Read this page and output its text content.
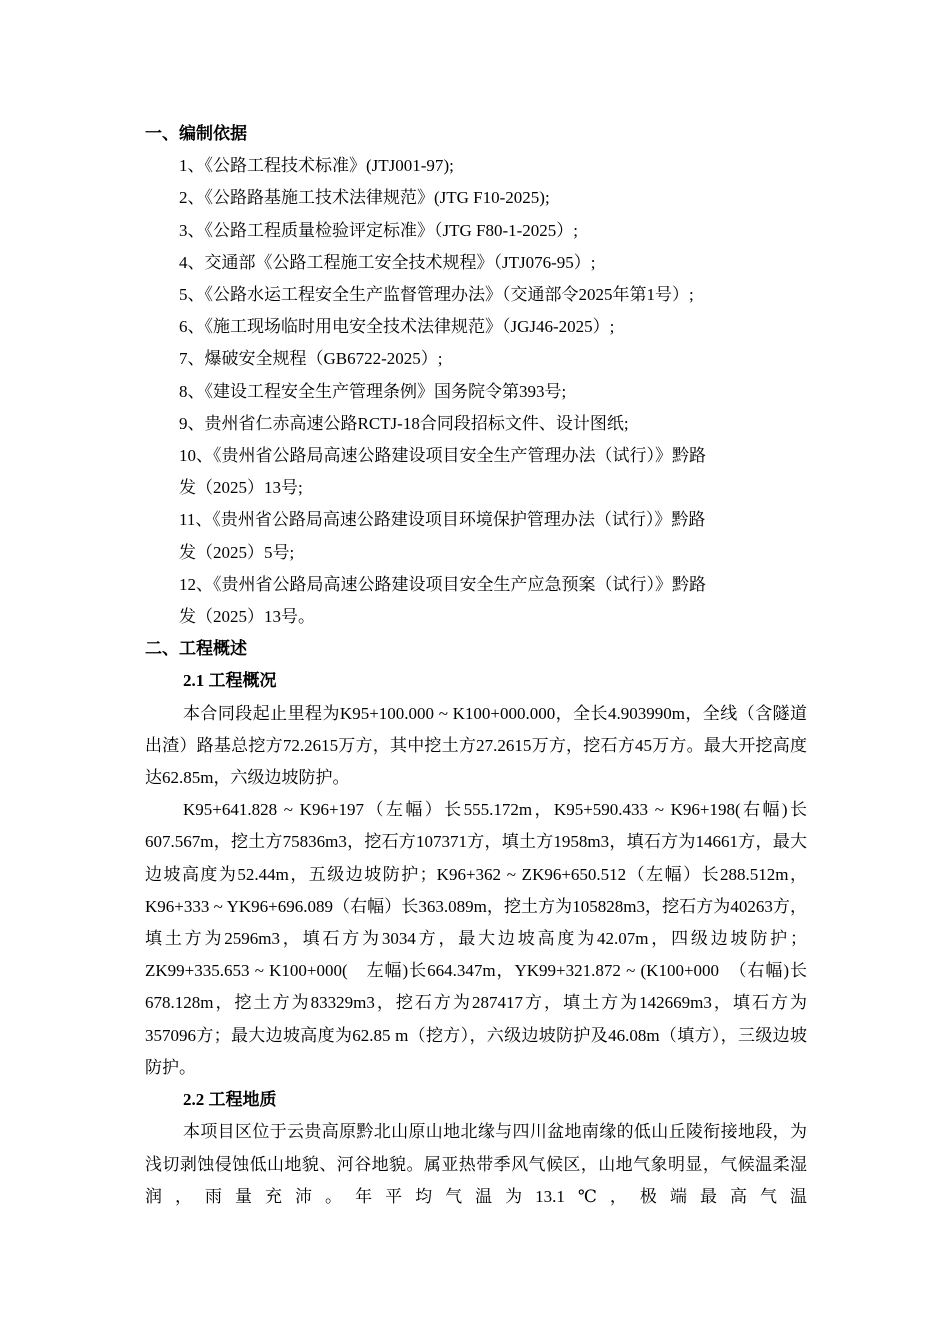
一、编制依据

1、《公路工程技术标准》(JTJ001-97);

2、《公路路基施工技术法律规范》(JTG F10-2025);

3、《公路工程质量检验评定标准》（JTG F80-1-2025）;

4、交通部《公路工程施工安全技术规程》（JTJ076-95）;

5、《公路水运工程安全生产监督管理办法》（交通部令2025年第1号）;

6、《施工现场临时用电安全技术法律规范》（JGJ46-2025）;

7、爆破安全规程（GB6722-2025）;

8、《建设工程安全生产管理条例》国务院令第393号;

9、贵州省仁赤高速公路RCTJ-18合同段招标文件、设计图纸;

10、《贵州省公路局高速公路建设项目安全生产管理办法（试行）》黔路
发（2025）13号;

11、《贵州省公路局高速公路建设项目环境保护管理办法（试行）》黔路
发（2025）5号;

12、《贵州省公路局高速公路建设项目安全生产应急预案（试行）》黔路
发（2025）13号。

二、工程概述

2.1 工程概况

本合同段起止里程为K95+100.000 ~ K100+000.000，全长4.903990m，全线（含隧道出渣）路基总挖方72.2615万方，其中挖土方27.2615万方，挖石方45万方。最大开挖高度达62.85m，六级边坡防护。

K95+641.828 ~ K96+197（左幅）长555.172m，K95+590.433 ~ K96+198(右幅)长607.567m，挖土方75836m3，挖石方107371方，填土方1958m3，填石方为14661方，最大边坡高度为52.44m，五级边坡防护；K96+362 ~ ZK96+650.512（左幅）长288.512m，K96+333 ~ YK96+696.089（右幅）长363.089m，挖土方为105828m3，挖石方为40263方，填土方为2596m3，填石方为3034方，最大边坡高度为42.07m，四级边坡防护；ZK99+335.653 ~ K100+000(　左幅)长664.347m，YK99+321.872 ~ (K100+000　（右幅)长678.128m，挖土方为83329m3，挖石方为287417方，填土方为142669m3，填石方为357096方；最大边坡高度为62.85 m（挖方），六级边坡防护及46.08m（填方），三级边坡防护。

2.2 工程地质

本项目区位于云贵高原黔北山原山地北缘与四川盆地南缘的低山丘陵衔接地段，为浅切剥蚀侵蚀低山地貌、河谷地貌。属亚热带季风气候区，山地气象明显，气候温柔湿润，雨量充沛。年平均气温为13.1℃，极端最高气温
